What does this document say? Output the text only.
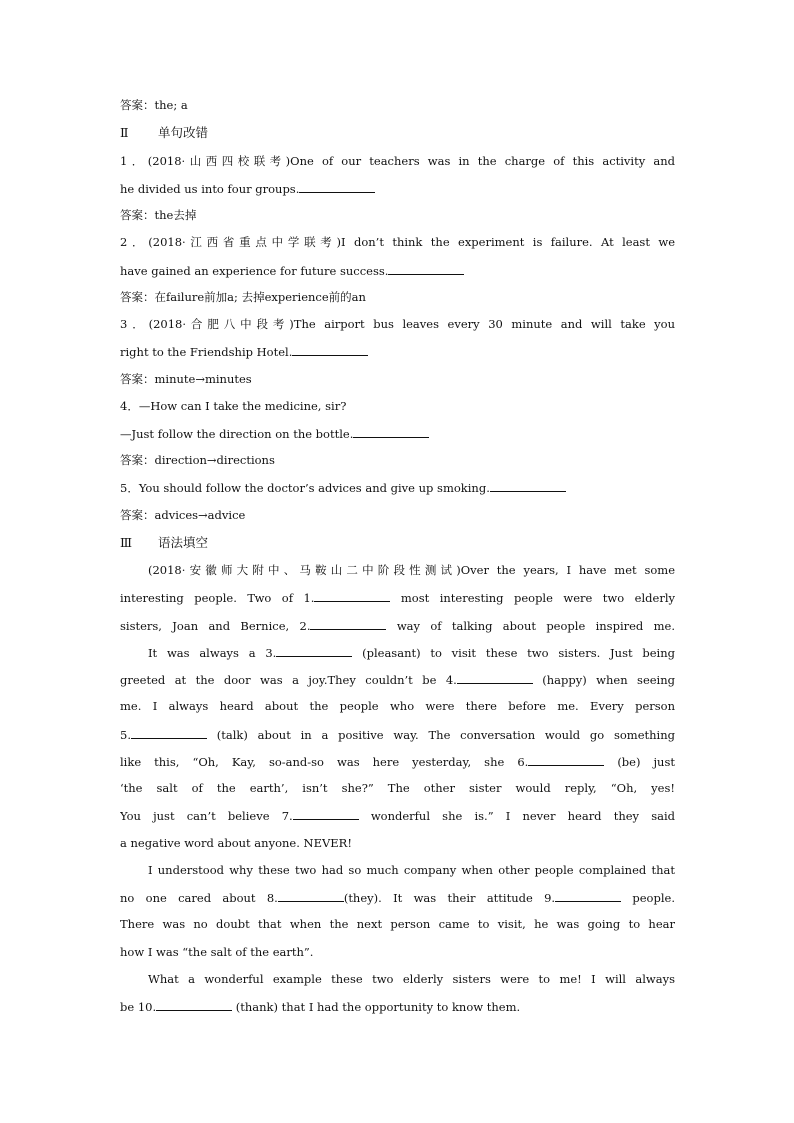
答案：the; a
Ⅱ 单句改错
1．(2018·山西四校联考)One of our teachers was in the charge of this activity and
he divided us into four groups.
答案：the去掉
2．(2018·江西省重点中学联考)I don’t think the experiment is failure. At least we
have gained an experience for future success.
答案：在failure前加a; 去掉experience前的an
3．(2018·合肥八中段考)The airport bus leaves every 30 minute and will take you
right to the Friendship Hotel.
答案：minute→minutes
4．—How can I take the medicine, sir?
—Just follow the direction on the bottle.
答案：direction→directions
5．You should follow the doctor’s advices and give up smoking.
答案：advices→advice
Ⅲ 语法填空
(2018·安徽师大附中、马鞍山二中阶段性测试)Over the years, I have met some
interesting people. Two of 1.	most interesting people were two elderly
sisters, Joan and Bernice, 2.	way of talking about people inspired me.
It was always a 3.	(pleasant) to visit these two sisters. Just being
greeted at the door was a joy.They couldn’t be 4.	(happy) when seeing
me. I always heard about the people who were there before me. Every person
5.	(talk) about in a positive way. The conversation would go something
like this, “Oh, Kay, so-and-so was here yesterday, she 6.	(be) just
‘the salt of the earth’, isn’t she?” The other sister would reply, “Oh, yes!
You just can’t believe 7.	wonderful she is.” I never heard they said
a negative word about anyone. NEVER!
I understood why these two had so much company when other people complained that
no one cared about 8.	(they). It was their attitude 9.	people.
There was no doubt that when the next person came to visit, he was going to hear
how I was “the salt of the earth”.
What a wonderful example these two elderly sisters were to me! I will always
be 10.	(thank) that I had the opportunity to know them.
